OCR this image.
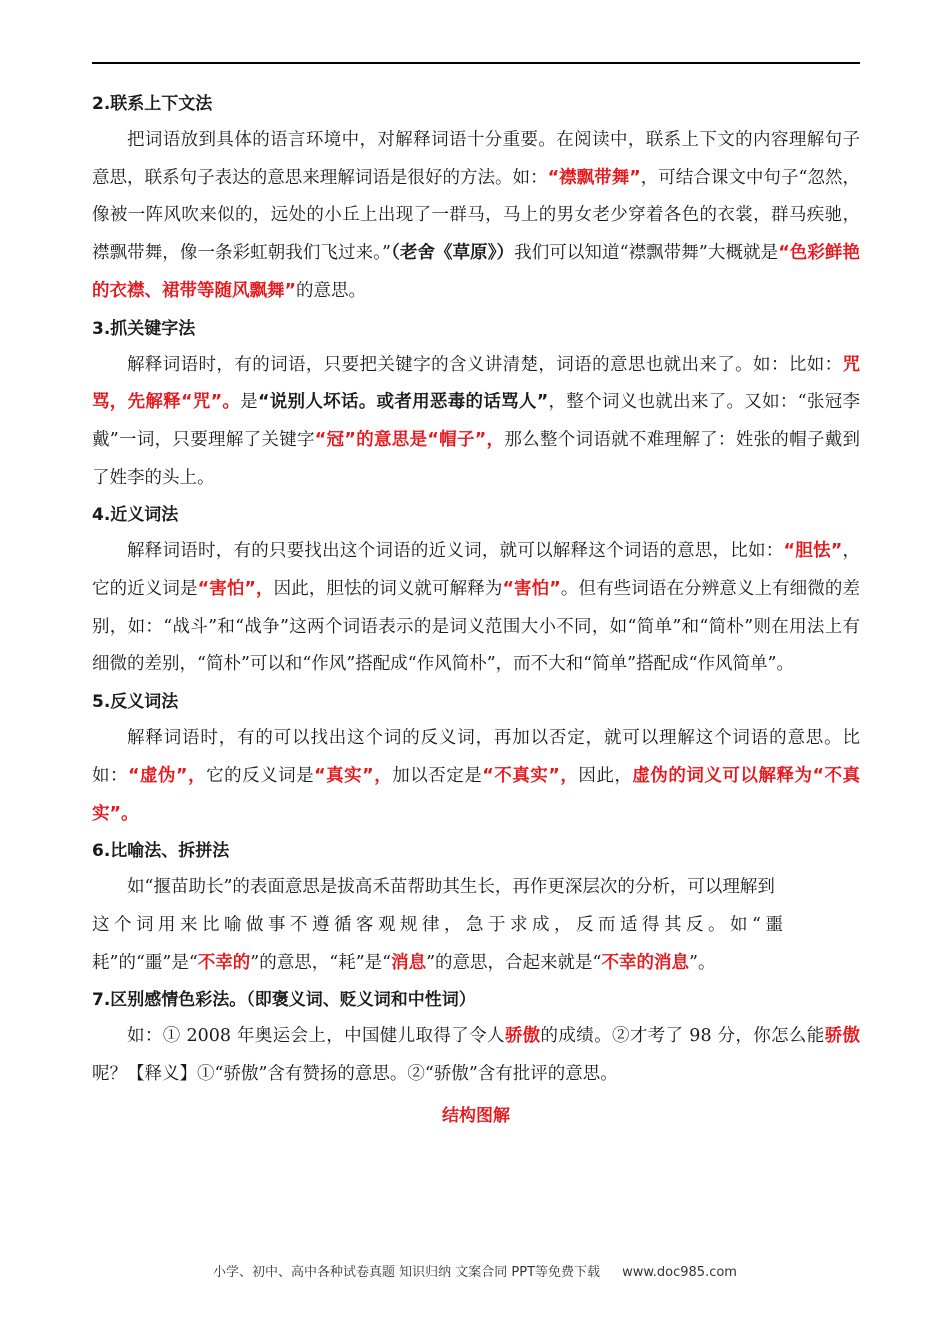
2.联系上下文法
把词语放到具体的语言环境中，对解释词语十分重要。在阅读中，联系上下文的内容理解句子意思，联系句子表达的意思来理解词语是很好的方法。如：“襟飘带舞”，可结合课文中句子“忽然，像被一阵风吹来似的，远处的小丘上出现了一群马，马上的男女老少穿着各色的衣裳，群马疾驰，襟飘带舞，像一条彩虹朝我们飞过来。”（老舍《草原》）我们可以知道“襟飘带舞”大概就是“色彩鲜艳的衣襟、裙带等随风飘舞”的意思。
3.抓关键字法
解释词语时，有的词语，只要把关键字的含义讲清楚，词语的意思也就出来了。如：比如：咒骂，先解释“咒”。是“说别人坏话。或者用恶毒的话骂人”，整个词义也就出来了。又如：“张冠李戴”一词，只要理解了关键字“冠”的意思是“帽子”，那么整个词语就不难理解了：姓张的帽子戴到了姓李的头上。
4.近义词法
解释词语时，有的只要找出这个词语的近义词，就可以解释这个词语的意思，比如：“胆怯”，它的近义词是“害怕”，因此，胆怯的词义就可解释为“害怕”。但有些词语在分辨意义上有细微的差别，如：“战斗”和“战争”这两个词语表示的是词义范围大小不同，如“简单”和“简朴”则在用法上有细微的差别，“简朴”可以和“作风”搭配成“作风简朴”，而不大和“简单”搭配成“作风简单”。
5.反义词法
解释词语时，有的可以找出这个词的反义词，再加以否定，就可以理解这个词语的意思。比如：“虚伪”，它的反义词是“真实”，加以否定是“不真实”，因此，虚伪的词义可以解释为“不真实”。
6.比喻法、拆拼法
如“揠苗助长”的表面意思是拔高禾苗帮助其生长，再作更深层次的分析，可以理解到
这个词用来比喻做事不遵循客观规律，急于求成，反而适得其反。如“噩
耗”的“噩”是“不幸的”的意思，“耗”是“消息”的意思，合起来就是“不幸的消息”。
7.区别感情色彩法。（即褒义词、贬义词和中性词）
如：① 2008 年奥运会上，中国健儿取得了令人骄傲的成绩。②才考了 98 分，你怎么能骄傲呢？【释义】①“骄傲”含有赞扬的意思。②“骄傲”含有批评的意思。
结构图解
小学、初中、高中各种试卷真题 知识归纳 文案合同 PPT等免费下载 www.doc985.com
